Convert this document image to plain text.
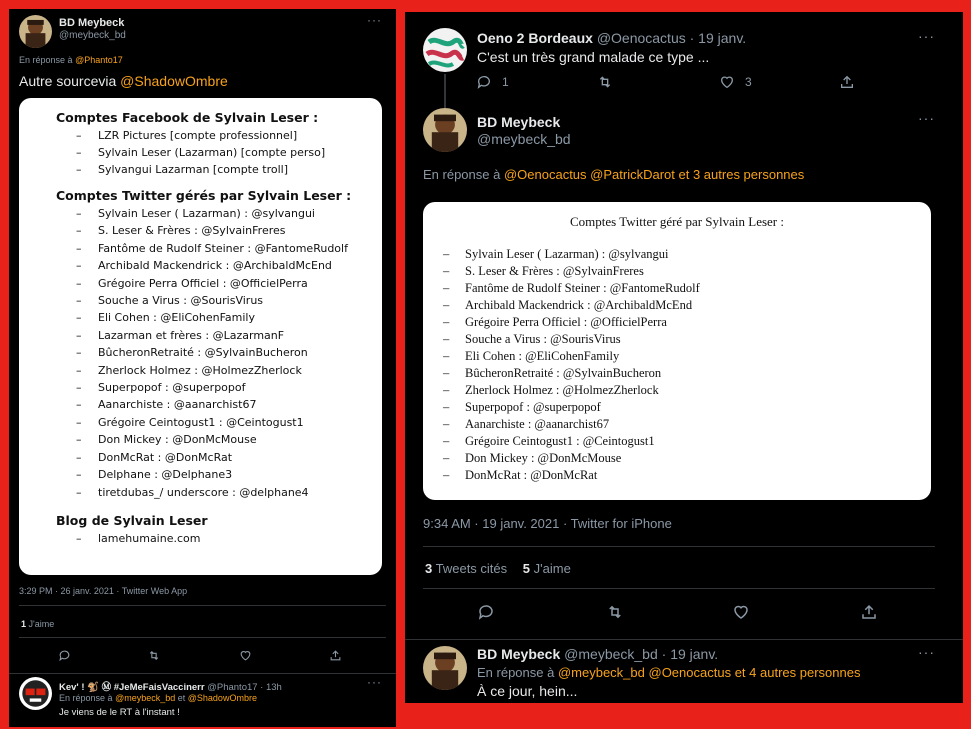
BD Meybeck
@meybeck_bd
···
En réponse à @Phanto17
Autre sourcevia @ShadowOmbre
Comptes Facebook de Sylvain Leser :
– LZR Pictures [compte professionnel]
– Sylvain Leser (Lazarman) [compte perso]
– Sylvangui Lazarman [compte troll]
Comptes Twitter gérés par Sylvain Leser :
– Sylvain Leser ( Lazarman) : @sylvangui
– S. Leser & Frères : @SylvainFreres
– Fantôme de Rudolf Steiner : @FantomeRudolf
– Archibald Mackendrick : @ArchibaldMcEnd
– Grégoire Perra Officiel : @OfficielPerra
– Souche a Virus : @SourisVirus
– Eli Cohen : @EliCohenFamily
– Lazarman et frères : @LazarmanF
– BûcheronRetraité : @SylvainBucheron
– Zherlock Holmez : @HolmezZherlock
– Superpopof : @superpopof
– Aanarchiste : @aanarchist67
– Grégoire Ceintogust1 : @Ceintogust1
– Don Mickey : @DonMcMouse
– DonMcRat : @DonMcRat
– Delphane : @Delphane3
– tiretdubas_/ underscore : @delphane4
Blog de Sylvain Leser
– lamehumaine.com
3:29 PM · 26 janv. 2021 · Twitter Web App
1 J'aime
Kev' ! 🐒 Ⓜ #JeMeFaisVaccinerr @Phanto17 · 13h	···
En réponse à @meybeck_bd et @ShadowOmbre
Je viens de le RT à l'instant !
Oeno 2 Bordeaux @Oenocactus · 19 janv.	···
C'est un très grand malade ce type ...
1	3
BD Meybeck
@meybeck_bd
···
En réponse à @Oenocactus @PatrickDarot et 3 autres personnes
Comptes Twitter géré par Sylvain Leser :
– Sylvain Leser ( Lazarman) : @sylvangui
– S. Leser & Frères : @SylvainFreres
– Fantôme de Rudolf Steiner : @FantomeRudolf
– Archibald Mackendrick : @ArchibaldMcEnd
– Grégoire Perra Officiel : @OfficielPerra
– Souche a Virus : @SourisVirus
– Eli Cohen : @EliCohenFamily
– BûcheronRetraité : @SylvainBucheron
– Zherlock Holmez : @HolmezZherlock
– Superpopof : @superpopof
– Aanarchiste : @aanarchist67
– Grégoire Ceintogust1 : @Ceintogust1
– Don Mickey : @DonMcMouse
– DonMcRat : @DonMcRat
9:34 AM · 19 janv. 2021 · Twitter for iPhone
3 Tweets cités 5 J'aime
BD Meybeck @meybeck_bd · 19 janv.	···
En réponse à @meybeck_bd @Oenocactus et 4 autres personnes
À ce jour, hein...
